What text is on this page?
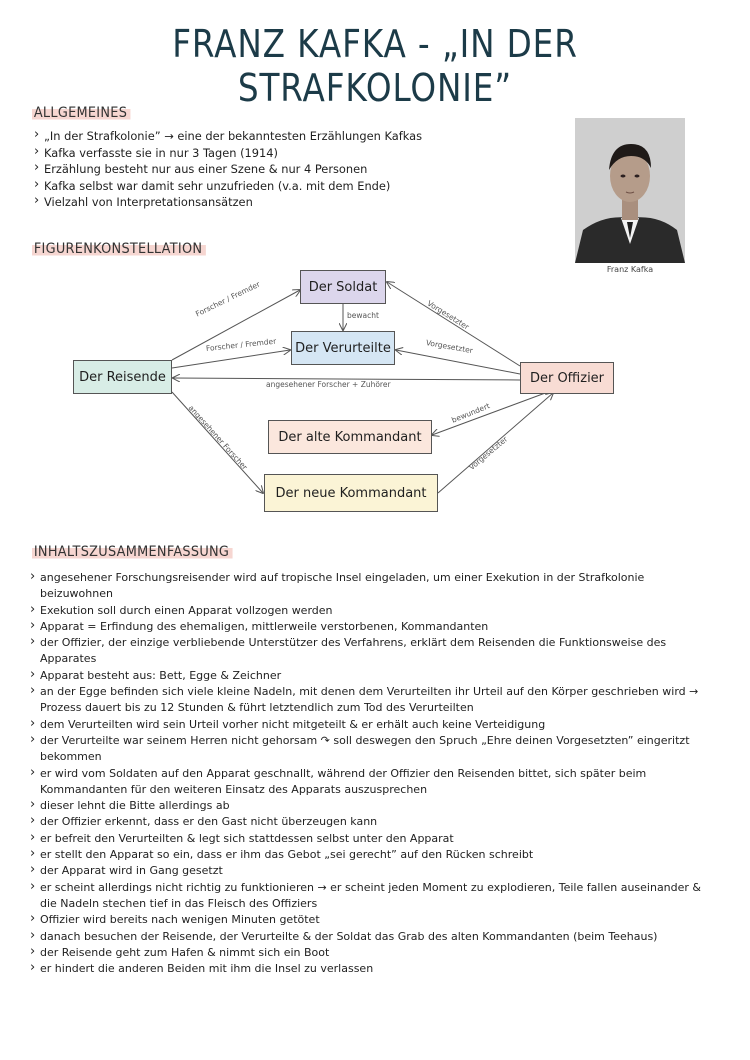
FRANZ KAFKA - „IN DER STRAFKOLONIE”
ALLGEMEINES
› „In der Strafkolonie” → eine der bekanntesten Erzählungen Kafkas
› Kafka verfasste sie in nur 3 Tagen (1914)
› Erzählung besteht nur aus einer Szene & nur 4 Personen
› Kafka selbst war damit sehr unzufrieden (v.a. mit dem Ende)
› Vielzahl von Interpretationsansätzen
Franz Kafka
FIGURENKONSTELLATION
Der Soldat
Der Verurteilte
Der Reisende	Der Offizier
Der alte Kommandant
Der neue Kommandant
bewacht
Forscher / Fremder
Forscher / Fremder
Vorgesetzter
Vorgesetzter
angesehener Forscher + Zuhörer
angesehener Forscher	bewundert
Vorgesetzter
INHALTSZUSAMMENFASSUNG
› angesehener Forschungsreisender wird auf tropische Insel eingeladen, um einer Exekution in der Strafkolonie beizuwohnen
› Exekution soll durch einen Apparat vollzogen werden
› Apparat = Erfindung des ehemaligen, mittlerweile verstorbenen, Kommandanten
› der Offizier, der einzige verbliebende Unterstützer des Verfahrens, erklärt dem Reisenden die Funktionsweise des Apparates
› Apparat besteht aus: Bett, Egge & Zeichner
› an der Egge befinden sich viele kleine Nadeln, mit denen dem Verurteilten ihr Urteil auf den Körper geschrieben wird → Prozess dauert bis zu 12 Stunden & führt letztendlich zum Tod des Verurteilten
› dem Verurteilten wird sein Urteil vorher nicht mitgeteilt & er erhält auch keine Verteidigung
› der Verurteilte war seinem Herren nicht gehorsam ↷ soll deswegen den Spruch „Ehre deinen Vorgesetzten” eingeritzt bekommen
› er wird vom Soldaten auf den Apparat geschnallt, während der Offizier den Reisenden bittet, sich später beim Kommandanten für den weiteren Einsatz des Apparats auszusprechen
› dieser lehnt die Bitte allerdings ab
› der Offizier erkennt, dass er den Gast nicht überzeugen kann
› er befreit den Verurteilten & legt sich stattdessen selbst unter den Apparat
› er stellt den Apparat so ein, dass er ihm das Gebot „sei gerecht” auf den Rücken schreibt
› der Apparat wird in Gang gesetzt
› er scheint allerdings nicht richtig zu funktionieren → er scheint jeden Moment zu explodieren, Teile fallen auseinander & die Nadeln stechen tief in das Fleisch des Offiziers
› Offizier wird bereits nach wenigen Minuten getötet
› danach besuchen der Reisende, der Verurteilte & der Soldat das Grab des alten Kommandanten (beim Teehaus)
› der Reisende geht zum Hafen & nimmt sich ein Boot
› er hindert die anderen Beiden mit ihm die Insel zu verlassen
